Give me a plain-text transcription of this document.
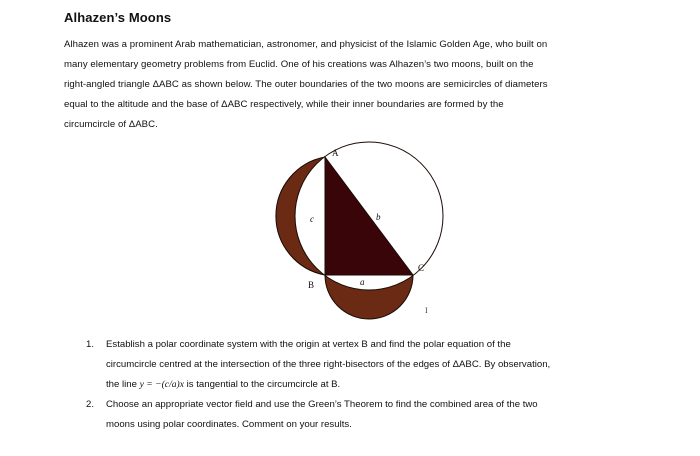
Alhazen’s Moons
Alhazen was a prominent Arab mathematician, astronomer, and physicist of the Islamic Golden Age, who built on
many elementary geometry problems from Euclid. One of his creations was Alhazen’s two moons, built on the
right-angled triangle ΔABC as shown below. The outer boundaries of the two moons are semicircles of diameters
equal to the altitude and the base of ΔABC respectively, while their inner boundaries are formed by the
circumcircle of ΔABC.
A
B
C
c	b
a
I
1. Establish a polar coordinate system with the origin at vertex B and find the polar equation of the
circumcircle centred at the intersection of the three right-bisectors of the edges of ΔABC. By observation,
the line y = −(c/a)x is tangential to the circumcircle at B.
2. Choose an appropriate vector field and use the Green’s Theorem to find the combined area of the two
moons using polar coordinates. Comment on your results.
